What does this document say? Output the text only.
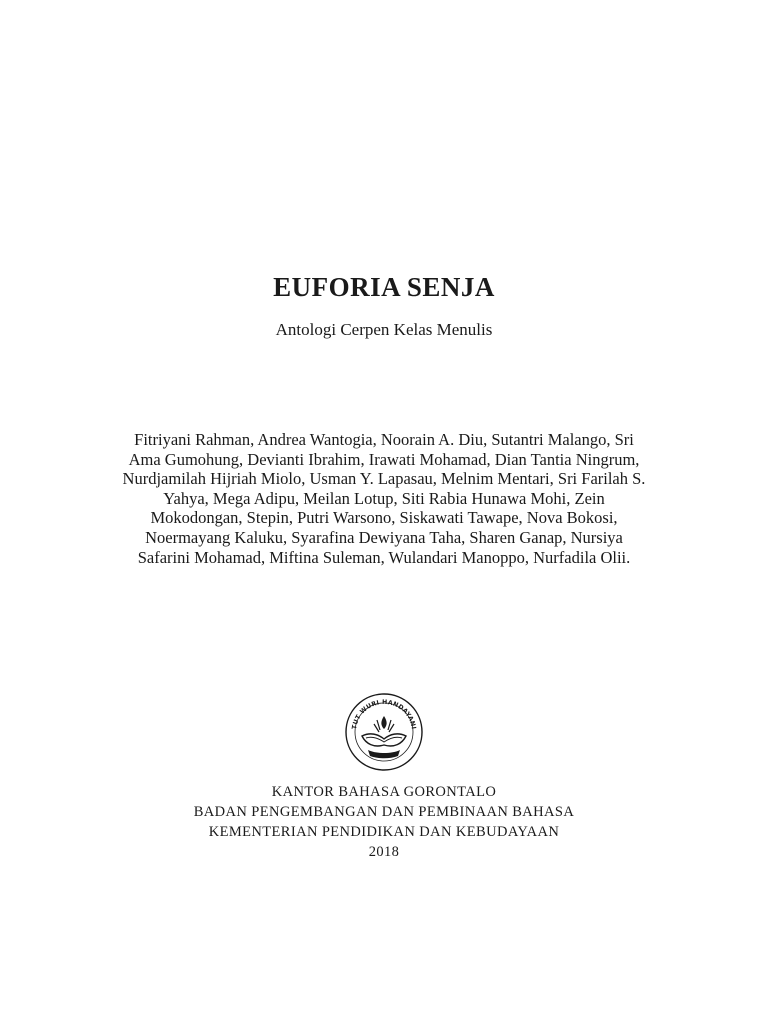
EUFORIA SENJA

Antologi Cerpen Kelas Menulis

Fitriyani Rahman, Andrea Wantogia, Noorain A. Diu, Sutantri Malango, Sri Ama Gumohung, Devianti Ibrahim, Irawati Mohamad, Dian Tantia Ningrum, Nurdjamilah Hijriah Miolo, Usman Y. Lapasau, Melnim Mentari, Sri Farilah S. Yahya, Mega Adipu, Meilan Lotup, Siti Rabia Hunawa Mohi, Zein Mokodongan, Stepin, Putri Warsono, Siskawati Tawape, Nova Bokosi, Noermayang Kaluku, Syarafina Dewiyana Taha, Sharen Ganap, Nursiya Safarini Mohamad, Miftina Suleman, Wulandari Manoppo, Nurfadila Olii.

TUT WURI HANDAYANI
KANTOR BAHASA GORONTALO
BADAN PENGEMBANGAN DAN PEMBINAAN BAHASA
KEMENTERIAN PENDIDIKAN DAN KEBUDAYAAN
2018
